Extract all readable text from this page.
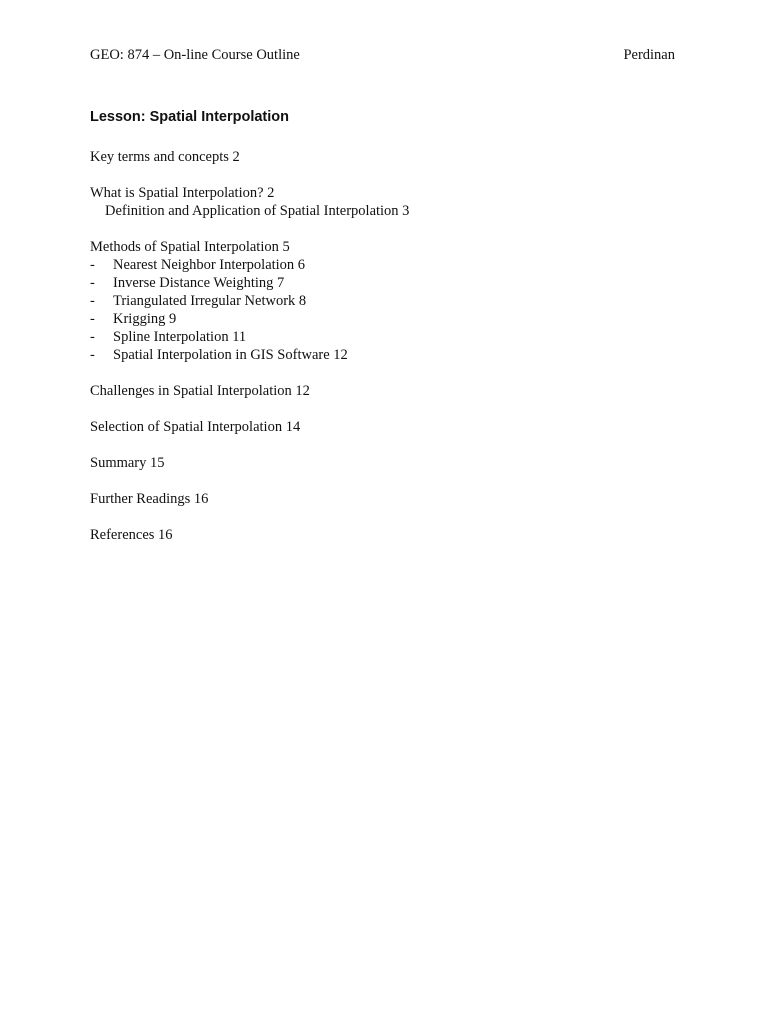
GEO: 874 – On-line Course Outline	Perdinan
Lesson: Spatial Interpolation
Key terms and concepts 2
What is Spatial Interpolation? 2
Definition and Application of Spatial Interpolation 3
Methods of Spatial Interpolation 5
-	Nearest Neighbor Interpolation 6
-	Inverse Distance Weighting 7
-	Triangulated Irregular Network 8
-	Krigging 9
-	Spline Interpolation 11
-	Spatial Interpolation in GIS Software 12
Challenges in Spatial Interpolation 12
Selection of Spatial Interpolation 14
Summary 15
Further Readings 16
References 16
